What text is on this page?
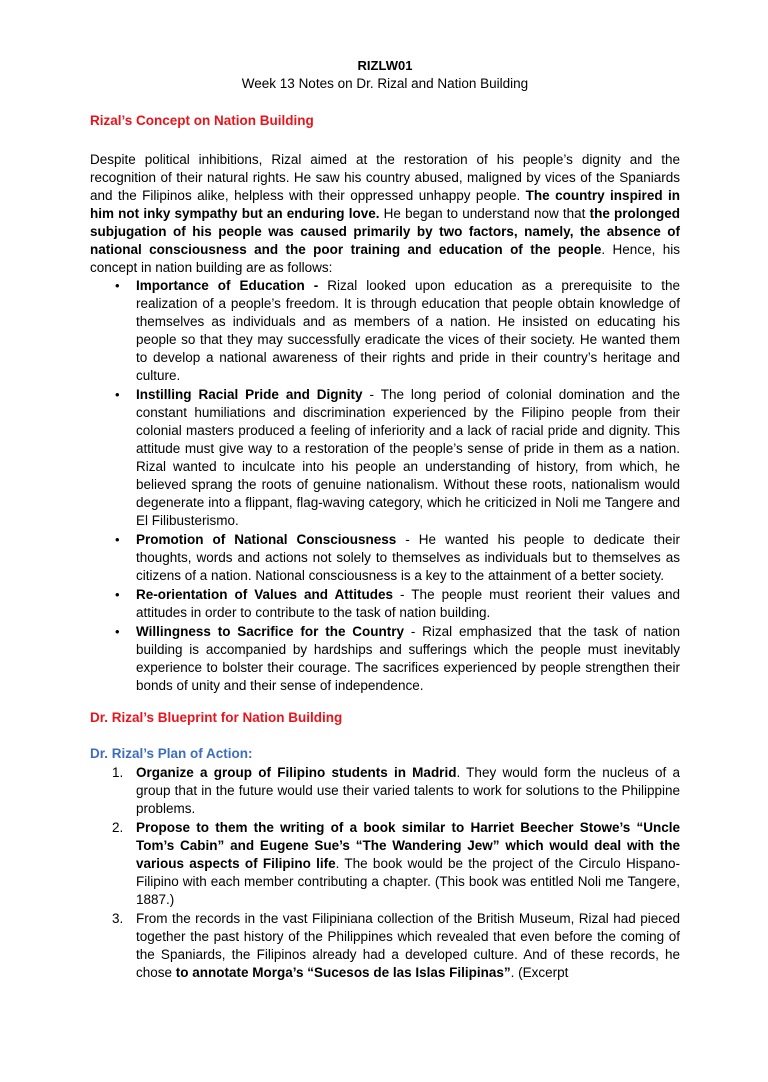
RIZLW01
Week 13 Notes on Dr. Rizal and Nation Building
Rizal’s Concept on Nation Building

Despite political inhibitions, Rizal aimed at the restoration of his people’s dignity and the recognition of their natural rights. He saw his country abused, maligned by vices of the Spaniards and the Filipinos alike, helpless with their oppressed unhappy people. The country inspired in him not inky sympathy but an enduring love. He began to understand now that the prolonged subjugation of his people was caused primarily by two factors, namely, the absence of national consciousness and the poor training and education of the people. Hence, his concept in nation building are as follows:

• Importance of Education - Rizal looked upon education as a prerequisite to the realization of a people’s freedom. It is through education that people obtain knowledge of themselves as individuals and as members of a nation. He insisted on educating his people so that they may successfully eradicate the vices of their society. He wanted them to develop a national awareness of their rights and pride in their country’s heritage and culture.
• Instilling Racial Pride and Dignity - The long period of colonial domination and the constant humiliations and discrimination experienced by the Filipino people from their colonial masters produced a feeling of inferiority and a lack of racial pride and dignity. This attitude must give way to a restoration of the people’s sense of pride in them as a nation. Rizal wanted to inculcate into his people an understanding of history, from which, he believed sprang the roots of genuine nationalism. Without these roots, nationalism would degenerate into a flippant, flag-waving category, which he criticized in Noli me Tangere and El Filibusterismo.
• Promotion of National Consciousness - He wanted his people to dedicate their thoughts, words and actions not solely to themselves as individuals but to themselves as citizens of a nation. National consciousness is a key to the attainment of a better society.
• Re-orientation of Values and Attitudes - The people must reorient their values and attitudes in order to contribute to the task of nation building.
• Willingness to Sacrifice for the Country - Rizal emphasized that the task of nation building is accompanied by hardships and sufferings which the people must inevitably experience to bolster their courage. The sacrifices experienced by people strengthen their bonds of unity and their sense of independence.
Dr. Rizal’s Blueprint for Nation Building
Dr. Rizal’s Plan of Action:
1. Organize a group of Filipino students in Madrid. They would form the nucleus of a group that in the future would use their varied talents to work for solutions to the Philippine problems.
2. Propose to them the writing of a book similar to Harriet Beecher Stowe’s “Uncle Tom’s Cabin” and Eugene Sue’s “The Wandering Jew” which would deal with the various aspects of Filipino life. The book would be the project of the Circulo Hispano-Filipino with each member contributing a chapter. (This book was entitled Noli me Tangere, 1887.)
3. From the records in the vast Filipiniana collection of the British Museum, Rizal had pieced together the past history of the Philippines which revealed that even before the coming of the Spaniards, the Filipinos already had a developed culture. And of these records, he chose to annotate Morga’s “Sucesos de las Islas Filipinas”. (Excerpt
